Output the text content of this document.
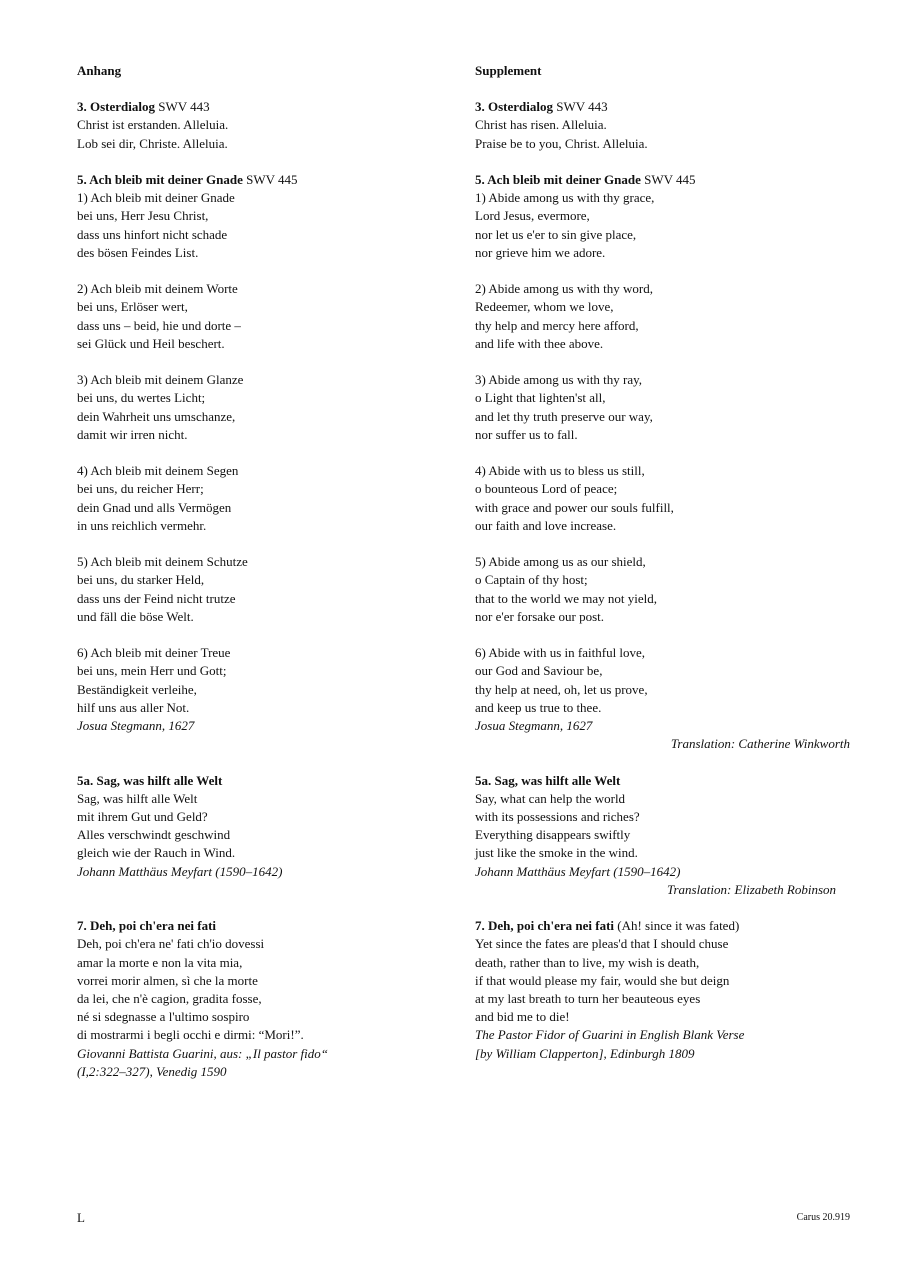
Anhang
3. Osterdialog SWV 443
Christ ist erstanden. Alleluia.
Lob sei dir, Christe. Alleluia.
5. Ach bleib mit deiner Gnade SWV 445
1) Ach bleib mit deiner Gnade
bei uns, Herr Jesu Christ,
dass uns hinfort nicht schade
des bösen Feindes List.
2) Ach bleib mit deinem Worte
bei uns, Erlöser wert,
dass uns – beid, hie und dorte –
sei Glück und Heil beschert.
3) Ach bleib mit deinem Glanze
bei uns, du wertes Licht;
dein Wahrheit uns umschanze,
damit wir irren nicht.
4) Ach bleib mit deinem Segen
bei uns, du reicher Herr;
dein Gnad und alls Vermögen
in uns reichlich vermehr.
5) Ach bleib mit deinem Schutze
bei uns, du starker Held,
dass uns der Feind nicht trutze
und fäll die böse Welt.
6) Ach bleib mit deiner Treue
bei uns, mein Herr und Gott;
Beständigkeit verleihe,
hilf uns aus aller Not.
Josua Stegmann, 1627
5a. Sag, was hilft alle Welt
Sag, was hilft alle Welt
mit ihrem Gut und Geld?
Alles verschwindt geschwind
gleich wie der Rauch in Wind.
Johann Matthäus Meyfart (1590–1642)
7. Deh, poi ch'era nei fati
Deh, poi ch'era ne' fati ch'io dovessi
amar la morte e non la vita mia,
vorrei morir almen, sì che la morte
da lei, che n'è cagion, gradita fosse,
né si sdegnasse a l'ultimo sospiro
di mostrarmi i begli occhi e dirmi: “Mori!”.
Giovanni Battista Guarini, aus: „Il pastor fido“
(I,2:322–327), Venedig 1590
Supplement
3. Osterdialog SWV 443
Christ has risen. Alleluia.
Praise be to you, Christ. Alleluia.
5. Ach bleib mit deiner Gnade SWV 445
1) Abide among us with thy grace,
Lord Jesus, evermore,
nor let us e'er to sin give place,
nor grieve him we adore.
2) Abide among us with thy word,
Redeemer, whom we love,
thy help and mercy here afford,
and life with thee above.
3) Abide among us with thy ray,
o Light that lighten'st all,
and let thy truth preserve our way,
nor suffer us to fall.
4) Abide with us to bless us still,
o bounteous Lord of peace;
with grace and power our souls fulfill,
our faith and love increase.
5) Abide among us as our shield,
o Captain of thy host;
that to the world we may not yield,
nor e'er forsake our post.
6) Abide with us in faithful love,
our God and Saviour be,
thy help at need, oh, let us prove,
and keep us true to thee.
Josua Stegmann, 1627
Translation: Catherine Winkworth
5a. Sag, was hilft alle Welt
Say, what can help the world
with its possessions and riches?
Everything disappears swiftly
just like the smoke in the wind.
Johann Matthäus Meyfart (1590–1642)
Translation: Elizabeth Robinson
7. Deh, poi ch'era nei fati (Ah! since it was fated)
Yet since the fates are pleas'd that I should chuse
death, rather than to live, my wish is death,
if that would please my fair, would she but deign
at my last breath to turn her beauteous eyes
and bid me to die!
The Pastor Fidor of Guarini in English Blank Verse
[by William Clapperton], Edinburgh 1809
L	Carus 20.919
